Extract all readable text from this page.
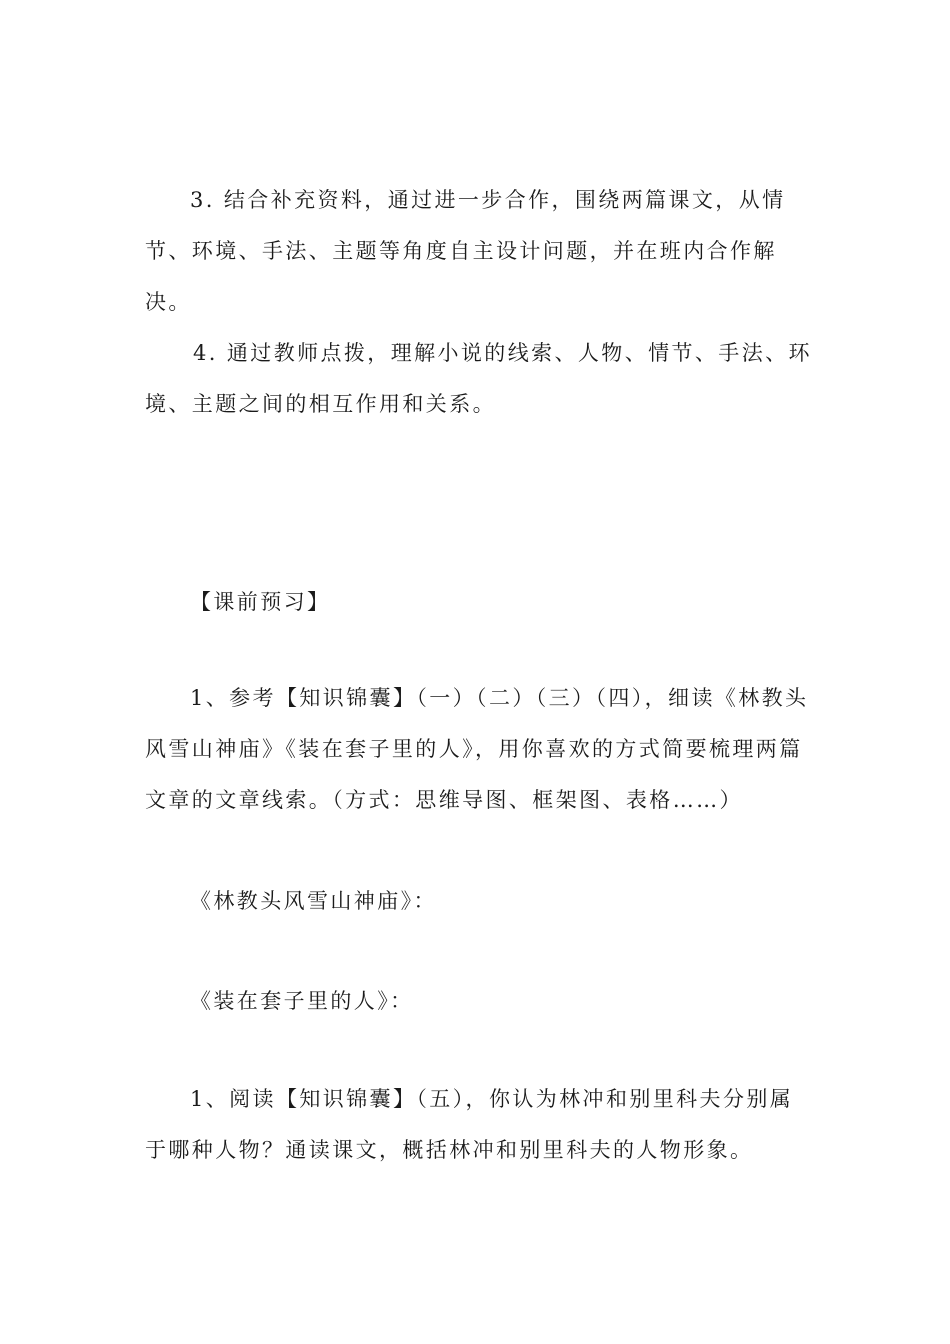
3. 结合补充资料，通过进一步合作，围绕两篇课文，从情节、环境、手法、主题等角度自主设计问题，并在班内合作解决。

4. 通过教师点拨，理解小说的线索、人物、情节、手法、环境、主题之间的相互作用和关系。

【课前预习】

1、参考【知识锦囊】（一）（二）（三）（四），细读《林教头风雪山神庙》《装在套子里的人》，用你喜欢的方式简要梳理两篇文章的文章线索。（方式：思维导图、框架图、表格……）

《林教头风雪山神庙》：

《装在套子里的人》：

1、阅读【知识锦囊】（五），你认为林冲和别里科夫分别属于哪种人物？通读课文，概括林冲和别里科夫的人物形象。
